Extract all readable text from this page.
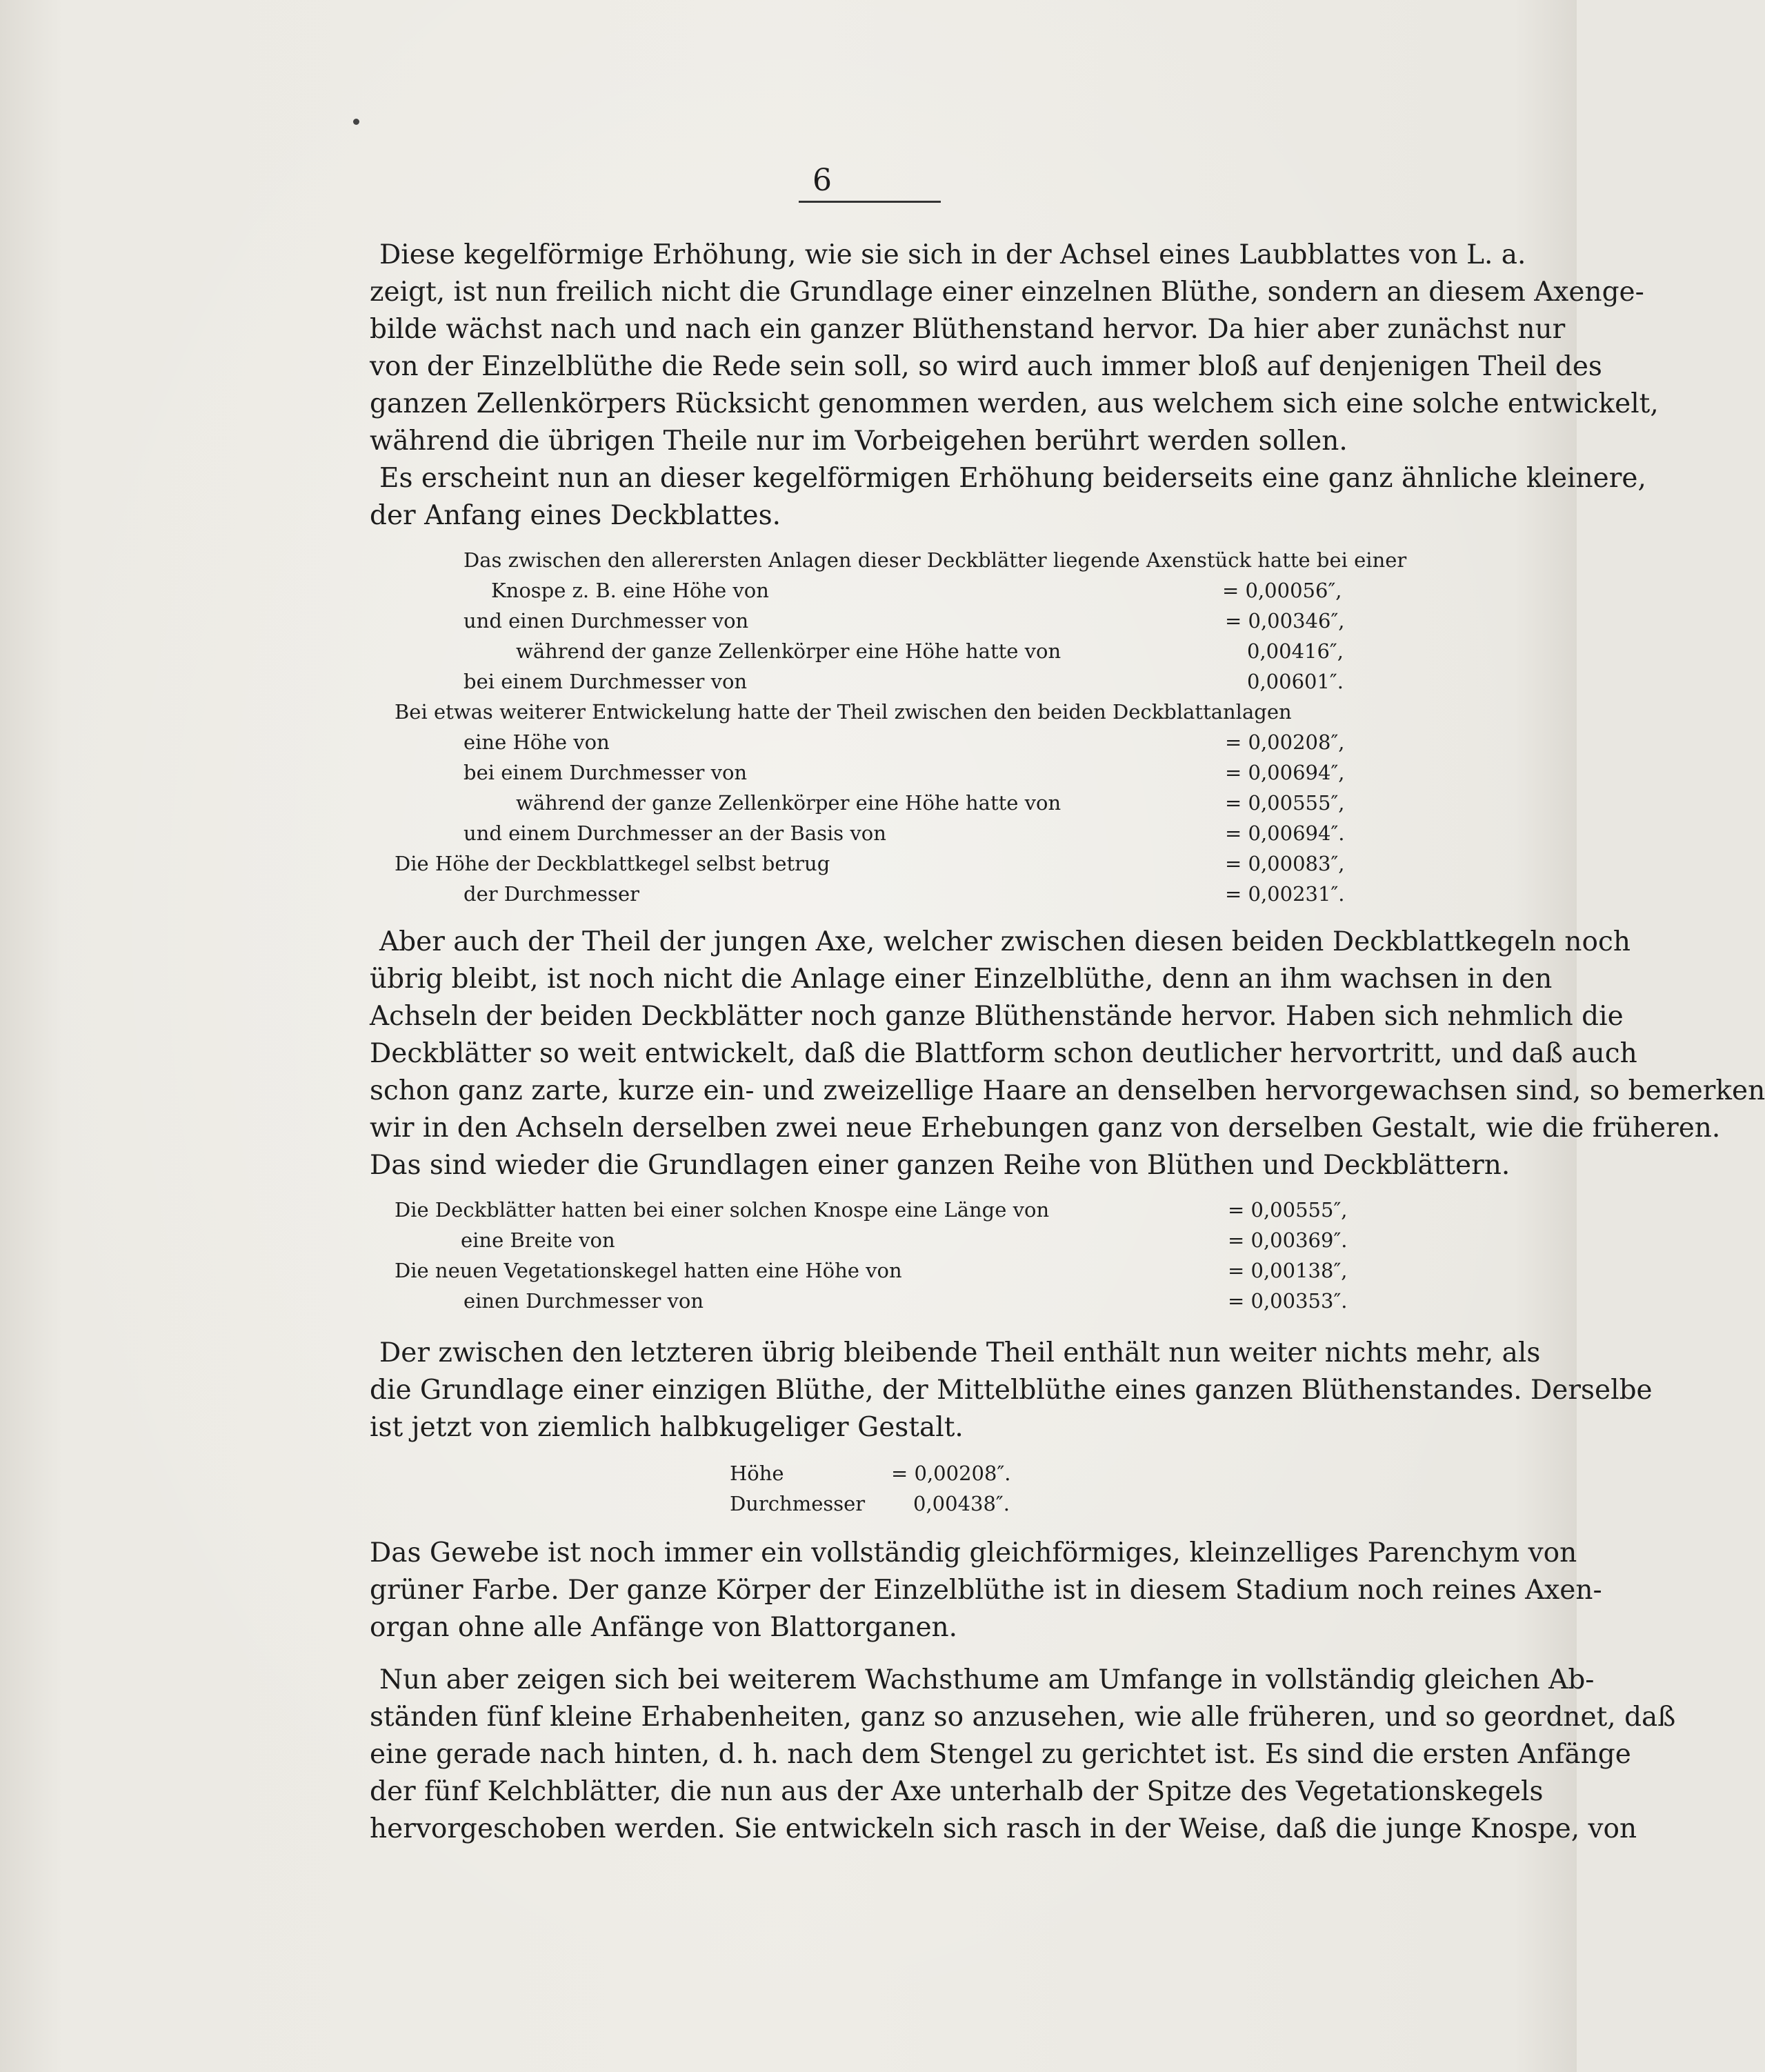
6

Diese kegelförmige Erhöhung, wie sie sich in der Achsel eines Laubblattes von L. a.

zeigt, ist nun freilich nicht die Grundlage einer einzelnen Blüthe, sondern an diesem Axenge-

bilde wächst nach und nach ein ganzer Blüthenstand hervor. Da hier aber zunächst nur

von der Einzelblüthe die Rede sein soll, so wird auch immer bloß auf denjenigen Theil des

ganzen Zellenkörpers Rücksicht genommen werden, aus welchem sich eine solche entwickelt,

während die übrigen Theile nur im Vorbeigehen berührt werden sollen.

Es erscheint nun an dieser kegelförmigen Erhöhung beiderseits eine ganz ähnliche kleinere,

der Anfang eines Deckblattes.

Das zwischen den allerersten Anlagen dieser Deckblätter liegende Axenstück hatte bei einer
Knospe z. B. eine Höhe von	= 0,00056″,
und einen Durchmesser von	= 0,00346″,
während der ganze Zellenkörper eine Höhe hatte von	0,00416″,
bei einem Durchmesser von	0,00601″.
Bei etwas weiterer Entwickelung hatte der Theil zwischen den beiden Deckblattanlagen
eine Höhe von	= 0,00208″,
bei einem Durchmesser von	= 0,00694″,
während der ganze Zellenkörper eine Höhe hatte von	= 0,00555″,
und einem Durchmesser an der Basis von	= 0,00694″.
Die Höhe der Deckblattkegel selbst betrug	= 0,00083″,
der Durchmesser	= 0,00231″.

Aber auch der Theil der jungen Axe, welcher zwischen diesen beiden Deckblattkegeln noch

übrig bleibt, ist noch nicht die Anlage einer Einzelblüthe, denn an ihm wachsen in den

Achseln der beiden Deckblätter noch ganze Blüthenstände hervor. Haben sich nehmlich die

Deckblätter so weit entwickelt, daß die Blattform schon deutlicher hervortritt, und daß auch

schon ganz zarte, kurze ein- und zweizellige Haare an denselben hervorgewachsen sind, so bemerken

wir in den Achseln derselben zwei neue Erhebungen ganz von derselben Gestalt, wie die früheren.

Das sind wieder die Grundlagen einer ganzen Reihe von Blüthen und Deckblättern.

Die Deckblätter hatten bei einer solchen Knospe eine Länge von	= 0,00555″,
eine Breite von	= 0,00369″.
Die neuen Vegetationskegel hatten eine Höhe von	= 0,00138″,
einen Durchmesser von	= 0,00353″.

Der zwischen den letzteren übrig bleibende Theil enthält nun weiter nichts mehr, als

die Grundlage einer einzigen Blüthe, der Mittelblüthe eines ganzen Blüthenstandes. Derselbe

ist jetzt von ziemlich halbkugeliger Gestalt.

Höhe	= 0,00208″.
Durchmesser 0,00438″.

Das Gewebe ist noch immer ein vollständig gleichförmiges, kleinzelliges Parenchym von

grüner Farbe. Der ganze Körper der Einzelblüthe ist in diesem Stadium noch reines Axen-

organ ohne alle Anfänge von Blattorganen.

Nun aber zeigen sich bei weiterem Wachsthume am Umfange in vollständig gleichen Ab-

ständen fünf kleine Erhabenheiten, ganz so anzusehen, wie alle früheren, und so geordnet, daß

eine gerade nach hinten, d. h. nach dem Stengel zu gerichtet ist. Es sind die ersten Anfänge

der fünf Kelchblätter, die nun aus der Axe unterhalb der Spitze des Vegetationskegels

hervorgeschoben werden. Sie entwickeln sich rasch in der Weise, daß die junge Knospe, von
